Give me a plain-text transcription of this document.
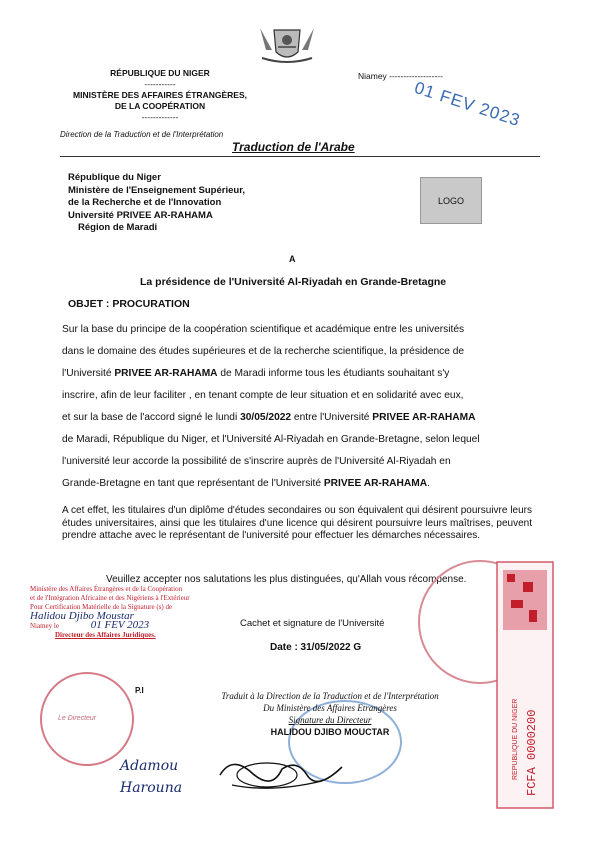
RÉPUBLIQUE DU NIGER
-----------
MINISTÈRE DES AFFAIRES ÉTRANGÈRES,
DE LA COOPÉRATION
-------------
Direction de la Traduction et de l'Interprétation
Niamey -------------------
01 FEV 2023
Traduction de l'Arabe
République du Niger
Ministère de l'Enseignement Supérieur,
de la Recherche et de l'Innovation
Université PRIVEE AR-RAHAMA
Région de Maradi
LOGO
A
La présidence de l'Université Al-Riyadah en Grande-Bretagne
OBJET : PROCURATION
Sur la base du principe de la coopération scientifique et académique entre les universités
dans le domaine des études supérieures et de la recherche scientifique, la présidence de
l'Université PRIVEE AR-RAHAMA de Maradi informe tous les étudiants souhaitant s'y
inscrire, afin de leur faciliter , en tenant compte de leur situation et en solidarité avec eux,
et sur la base de l'accord signé le lundi 30/05/2022 entre l'Université PRIVEE AR-RAHAMA
de Maradi, République du Niger, et l'Université Al-Riyadah en Grande-Bretagne, selon lequel
l'université leur accorde la possibilité de s'inscrire auprès de l'Université Al-Riyadah en
Grande-Bretagne en tant que représentant de l'Université PRIVEE AR-RAHAMA.
A cet effet, les titulaires d'un diplôme d'études secondaires ou son équivalent qui désirent poursuivre leurs études universitaires, ainsi que les titulaires d'une licence qui désirent poursuivre leurs maîtrises, peuvent prendre attache avec le représentant de l'université pour effectuer les démarches nécessaires.
Veuillez accepter nos salutations les plus distinguées, qu'Allah vous récompense.
Cachet et signature de l'Université
Date : 31/05/2022 G
Ministère des Affaires Étrangères et de la Coopération
et de l'Intégration Africaine et des Nigériens à l'Extérieur
Pour Certification Matérielle de la Signature (s) de
Halidou Djibo Moustar
Niamey le	01 FEV 2023
Directeur des Affaires Juridiques.
Le Directeur	FCFA 0000200
REPUBLIQUE DU NIGER
P.I
Traduit à la Direction de la Traduction et de l'Interprétation
Du Ministère des Affaires Etrangères
Signature du Directeur
HALIDOU DJIBO MOUCTAR
Adamou
Harouna
